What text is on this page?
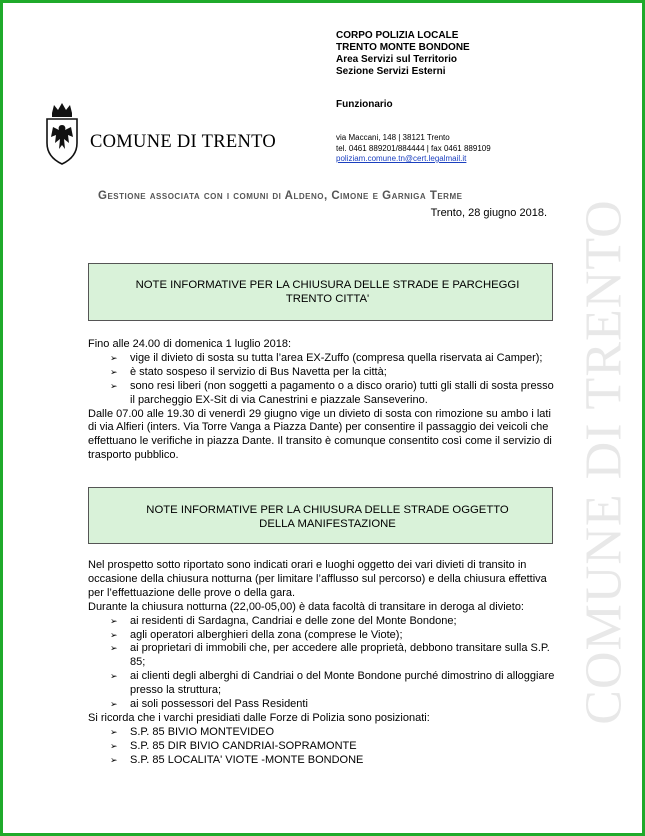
COMUNE DI TRENTO
CORPO POLIZIA LOCALE
TRENTO MONTE BONDONE
Area Servizi sul Territorio
Sezione Servizi Esterni
Funzionario
via Maccani, 148 | 38121 Trento
tel. 0461 889201/884444 | fax 0461 889109
poliziam.comune.tn@cert.legalmail.it
COMUNE DI TRENTO
Gestione associata con i comuni di Aldeno, Cimone e Garniga Terme
Trento, 28 giugno 2018.
NOTE INFORMATIVE PER LA CHIUSURA DELLE STRADE E PARCHEGGI
TRENTO CITTA'

Fino alle 24.00 di domenica 1 luglio 2018:

➢ vige il divieto di sosta su tutta l’area EX-Zuffo (compresa quella riservata ai Camper);
➢ è stato sospeso il servizio di Bus Navetta per la città;
➢ sono resi liberi (non soggetti a pagamento o a disco orario) tutti gli stalli di sosta presso il parcheggio EX-Sit di via Canestrini e piazzale Sanseverino.

Dalle 07.00 alle 19.30 di venerdì 29 giugno vige un divieto di sosta con rimozione su ambo i lati di via Alfieri (inters. Via Torre Vanga a Piazza Dante) per consentire il passaggio dei veicoli che effettuano le verifiche in piazza Dante. Il transito è comunque consentito così come il servizio di trasporto pubblico.

NOTE INFORMATIVE PER LA CHIUSURA DELLE STRADE OGGETTO
DELLA MANIFESTAZIONE

Nel prospetto sotto riportato sono indicati orari e luoghi oggetto dei vari divieti di transito in occasione della chiusura notturna (per limitare l’afflusso sul percorso) e della chiusura effettiva per l’effettuazione delle prove o della gara.

Durante la chiusura notturna (22,00-05,00) è data facoltà di transitare in deroga al divieto:

➢ ai residenti di Sardagna, Candriai e delle zone del Monte Bondone;
➢ agli operatori alberghieri della zona (comprese le Viote);
➢ ai proprietari di immobili che, per accedere alle proprietà, debbono transitare sulla S.P. 85;
➢ ai clienti degli alberghi di Candriai o del Monte Bondone purché dimostrino di alloggiare presso la struttura;
➢ ai soli possessori del Pass Residenti

Si ricorda che i varchi presidiati dalle Forze di Polizia sono posizionati:

➢ S.P. 85 BIVIO MONTEVIDEO
➢ S.P. 85 DIR BIVIO CANDRIAI-SOPRAMONTE
➢ S.P. 85 LOCALITA' VIOTE -MONTE BONDONE
